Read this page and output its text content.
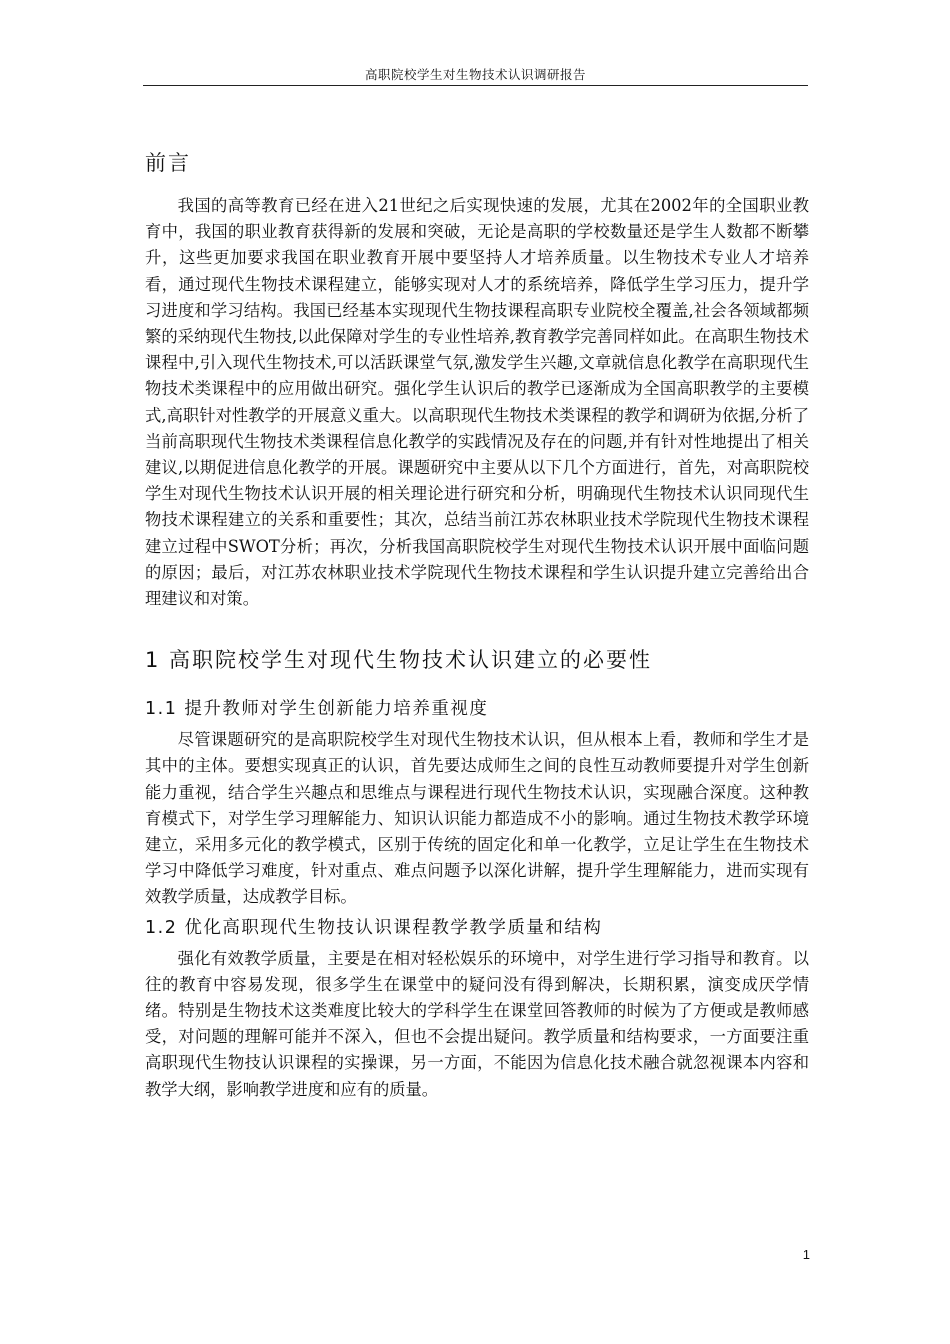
高职院校学生对生物技术认识调研报告
前言

我国的高等教育已经在进入21世纪之后实现快速的发展，尤其在2002年的全国职业教育中，我国的职业教育获得新的发展和突破，无论是高职的学校数量还是学生人数都不断攀升，这些更加要求我国在职业教育开展中要坚持人才培养质量。以生物技术专业人才培养看，通过现代生物技术课程建立，能够实现对人才的系统培养，降低学生学习压力，提升学习进度和学习结构。我国已经基本实现现代生物技课程高职专业院校全覆盖,社会各领域都频繁的采纳现代生物技,以此保障对学生的专业性培养,教育教学完善同样如此。在高职生物技术课程中,引入现代生物技术,可以活跃课堂气氛,激发学生兴趣,文章就信息化教学在高职现代生物技术类课程中的应用做出研究。强化学生认识后的教学已逐渐成为全国高职教学的主要模式,高职针对性教学的开展意义重大。以高职现代生物技术类课程的教学和调研为依据,分析了当前高职现代生物技术类课程信息化教学的实践情况及存在的问题,并有针对性地提出了相关建议,以期促进信息化教学的开展。课题研究中主要从以下几个方面进行，首先，对高职院校学生对现代生物技术认识开展的相关理论进行研究和分析，明确现代生物技术认识同现代生物技术课程建立的关系和重要性；其次，总结当前江苏农林职业技术学院现代生物技术课程建立过程中SWOT分析；再次，分析我国高职院校学生对现代生物技术认识开展中面临问题的原因；最后，对江苏农林职业技术学院现代生物技术课程和学生认识提升建立完善给出合理建议和对策。

1 高职院校学生对现代生物技术认识建立的必要性
1.1 提升教师对学生创新能力培养重视度

尽管课题研究的是高职院校学生对现代生物技术认识，但从根本上看，教师和学生才是其中的主体。要想实现真正的认识，首先要达成师生之间的良性互动教师要提升对学生创新能力重视，结合学生兴趣点和思维点与课程进行现代生物技术认识，实现融合深度。这种教育模式下，对学生学习理解能力、知识认识能力都造成不小的影响。通过生物技术教学环境建立，采用多元化的教学模式，区别于传统的固定化和单一化教学，立足让学生在生物技术学习中降低学习难度，针对重点、难点问题予以深化讲解，提升学生理解能力，进而实现有效教学质量，达成教学目标。

1.2 优化高职现代生物技认识课程教学教学质量和结构

强化有效教学质量，主要是在相对轻松娱乐的环境中，对学生进行学习指导和教育。以往的教育中容易发现，很多学生在课堂中的疑问没有得到解决，长期积累，演变成厌学情绪。特别是生物技术这类难度比较大的学科学生在课堂回答教师的时候为了方便或是教师感受，对问题的理解可能并不深入，但也不会提出疑问。教学质量和结构要求，一方面要注重高职现代生物技认识课程的实操课，另一方面，不能因为信息化技术融合就忽视课本内容和教学大纲，影响教学进度和应有的质量。

1
